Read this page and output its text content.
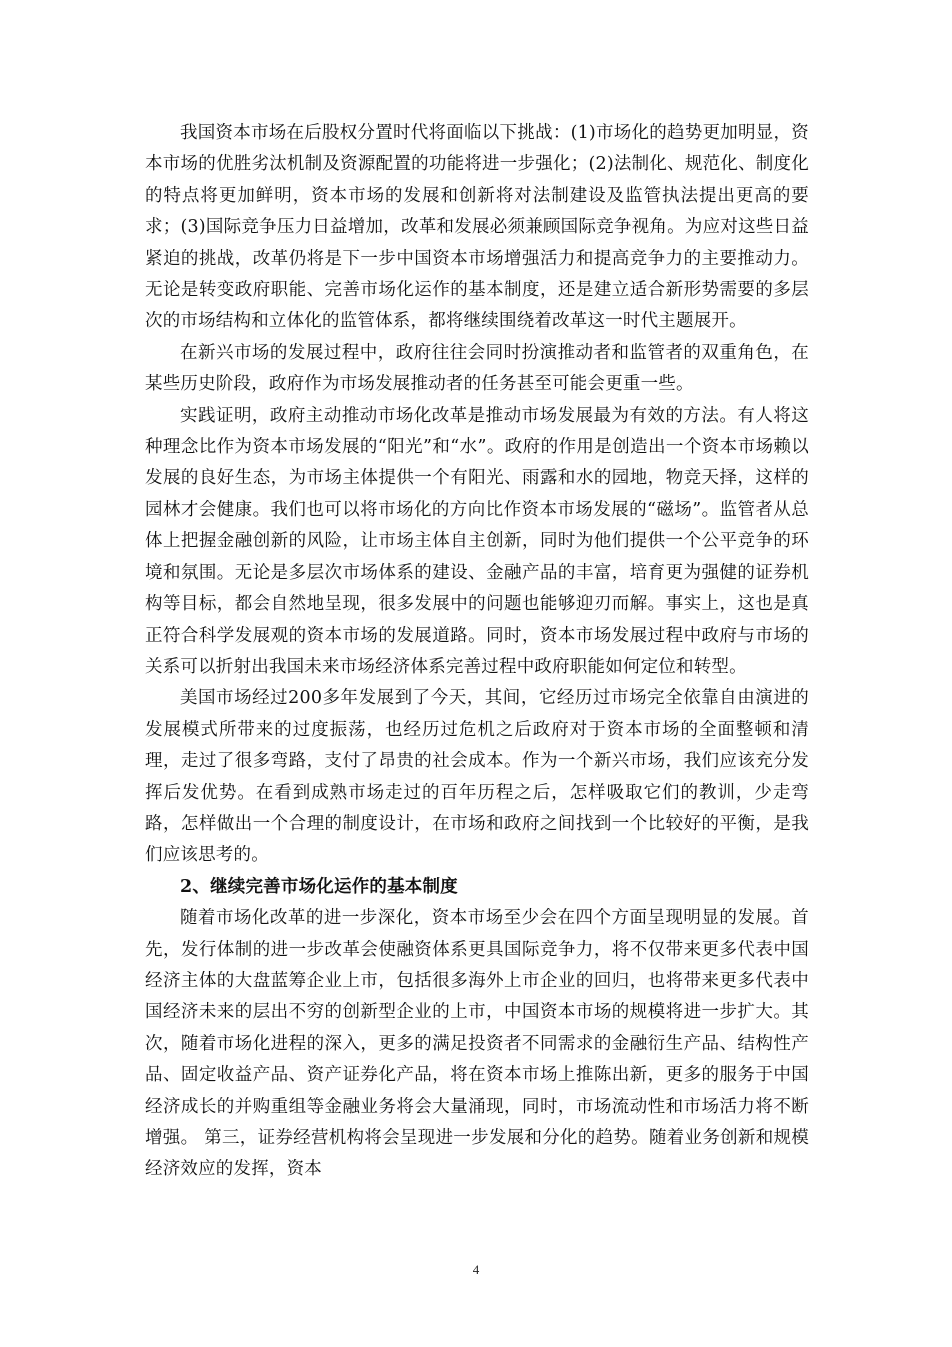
我国资本市场在后股权分置时代将面临以下挑战：(1)市场化的趋势更加明显，资本市场的优胜劣汰机制及资源配置的功能将进一步强化；(2)法制化、规范化、制度化的特点将更加鲜明，资本市场的发展和创新将对法制建设及监管执法提出更高的要求；(3)国际竞争压力日益增加，改革和发展必须兼顾国际竞争视角。为应对这些日益紧迫的挑战，改革仍将是下一步中国资本市场增强活力和提高竞争力的主要推动力。无论是转变政府职能、完善市场化运作的基本制度，还是建立适合新形势需要的多层次的市场结构和立体化的监管体系，都将继续围绕着改革这一时代主题展开。

在新兴市场的发展过程中，政府往往会同时扮演推动者和监管者的双重角色，在某些历史阶段，政府作为市场发展推动者的任务甚至可能会更重一些。

实践证明，政府主动推动市场化改革是推动市场发展最为有效的方法。有人将这种理念比作为资本市场发展的“阳光”和“水”。政府的作用是创造出一个资本市场赖以发展的良好生态，为市场主体提供一个有阳光、雨露和水的园地，物竞天择，这样的园林才会健康。我们也可以将市场化的方向比作资本市场发展的“磁场”。监管者从总体上把握金融创新的风险，让市场主体自主创新，同时为他们提供一个公平竞争的环境和氛围。无论是多层次市场体系的建设、金融产品的丰富，培育更为强健的证券机构等目标，都会自然地呈现，很多发展中的问题也能够迎刃而解。事实上，这也是真正符合科学发展观的资本市场的发展道路。同时，资本市场发展过程中政府与市场的关系可以折射出我国未来市场经济体系完善过程中政府职能如何定位和转型。

美国市场经过200多年发展到了今天，其间，它经历过市场完全依靠自由演进的发展模式所带来的过度振荡，也经历过危机之后政府对于资本市场的全面整顿和清理，走过了很多弯路，支付了昂贵的社会成本。作为一个新兴市场，我们应该充分发挥后发优势。在看到成熟市场走过的百年历程之后，怎样吸取它们的教训，少走弯路，怎样做出一个合理的制度设计，在市场和政府之间找到一个比较好的平衡，是我们应该思考的。

2、继续完善市场化运作的基本制度

随着市场化改革的进一步深化，资本市场至少会在四个方面呈现明显的发展。首先，发行体制的进一步改革会使融资体系更具国际竞争力，将不仅带来更多代表中国经济主体的大盘蓝筹企业上市，包括很多海外上市企业的回归，也将带来更多代表中国经济未来的层出不穷的创新型企业的上市，中国资本市场的规模将进一步扩大。其次，随着市场化进程的深入，更多的满足投资者不同需求的金融衍生产品、结构性产品、固定收益产品、资产证券化产品，将在资本市场上推陈出新，更多的服务于中国经济成长的并购重组等金融业务将会大量涌现，同时，市场流动性和市场活力将不断增强。 第三，证券经营机构将会呈现进一步发展和分化的趋势。随着业务创新和规模经济效应的发挥，资本

4
